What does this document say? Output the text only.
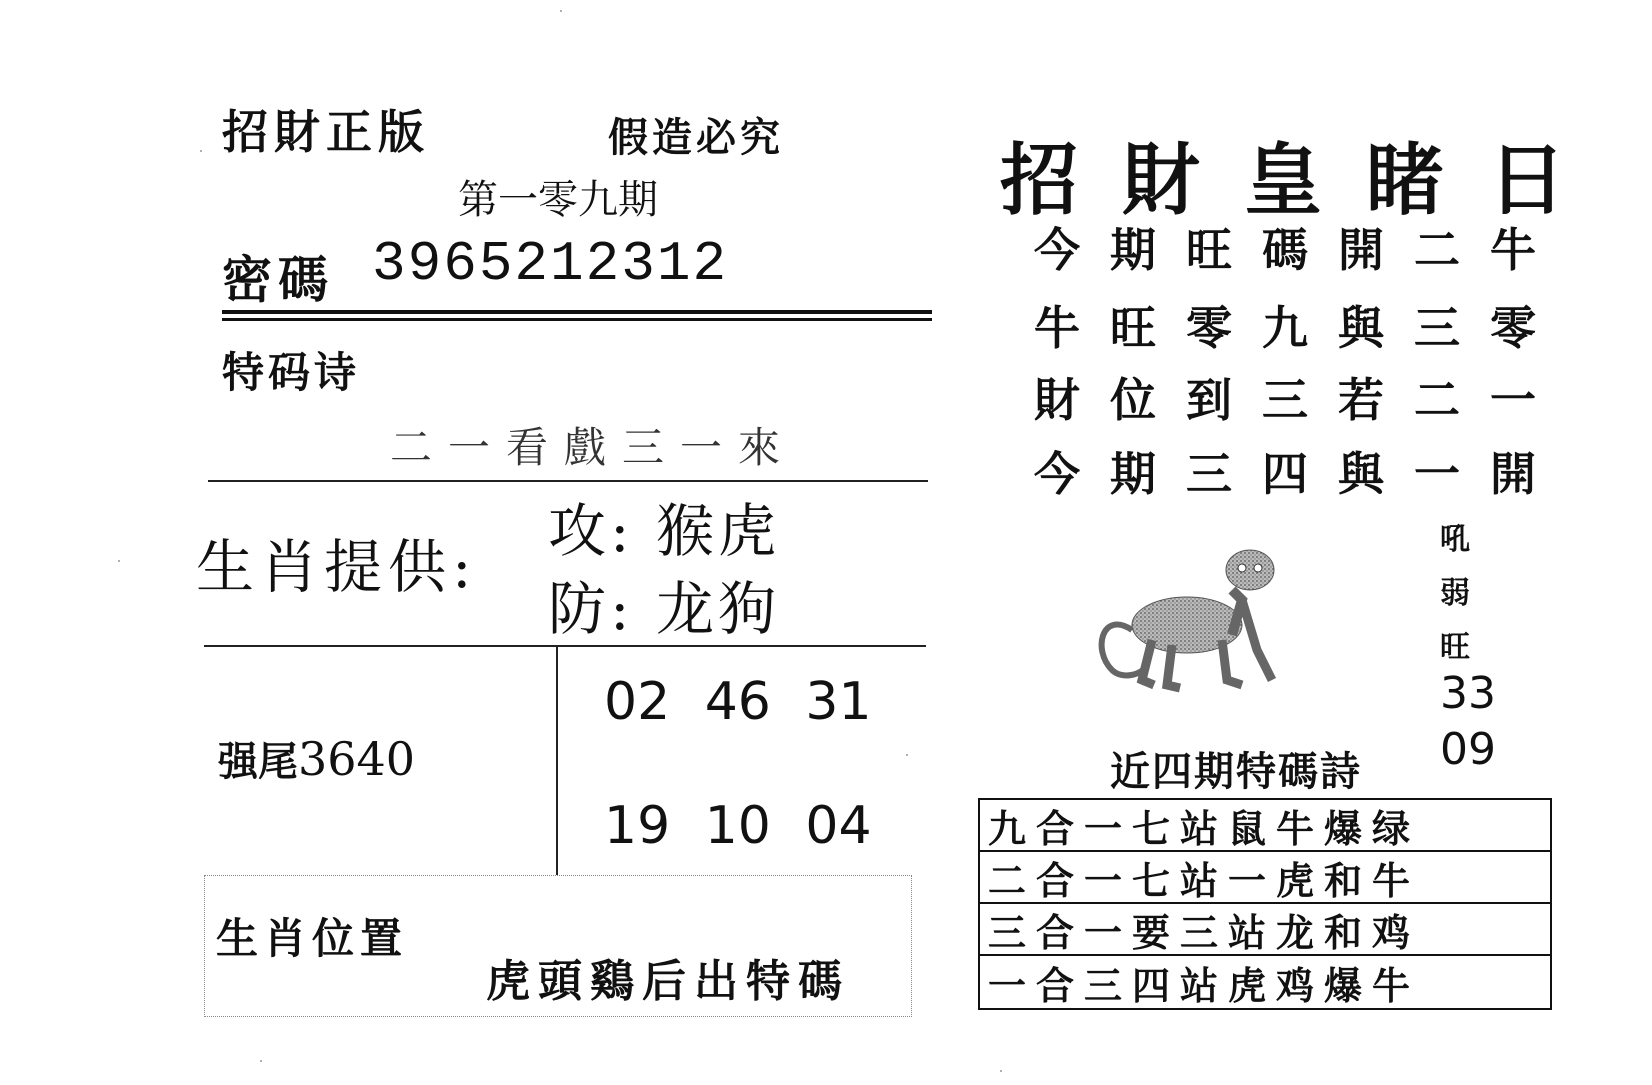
招財正版	假造必究
第一零九期
密碼 3965212312
特码诗
二一看戲三一來
生肖提供:
攻: 猴虎
防: 龙狗
强尾3640
02 46 31
19 10 04
生肖位置
虎頭鷄后出特碼
招財皇睹日
今期旺碼開二牛
牛旺零九與三零
財位到三若二一
今期三四與一開
吼
弱
旺
33
09
近四期特碼詩
九合一七站鼠牛爆绿
二合一七站一虎和牛
三合一要三站龙和鸡
一合三四站虎鸡爆牛
